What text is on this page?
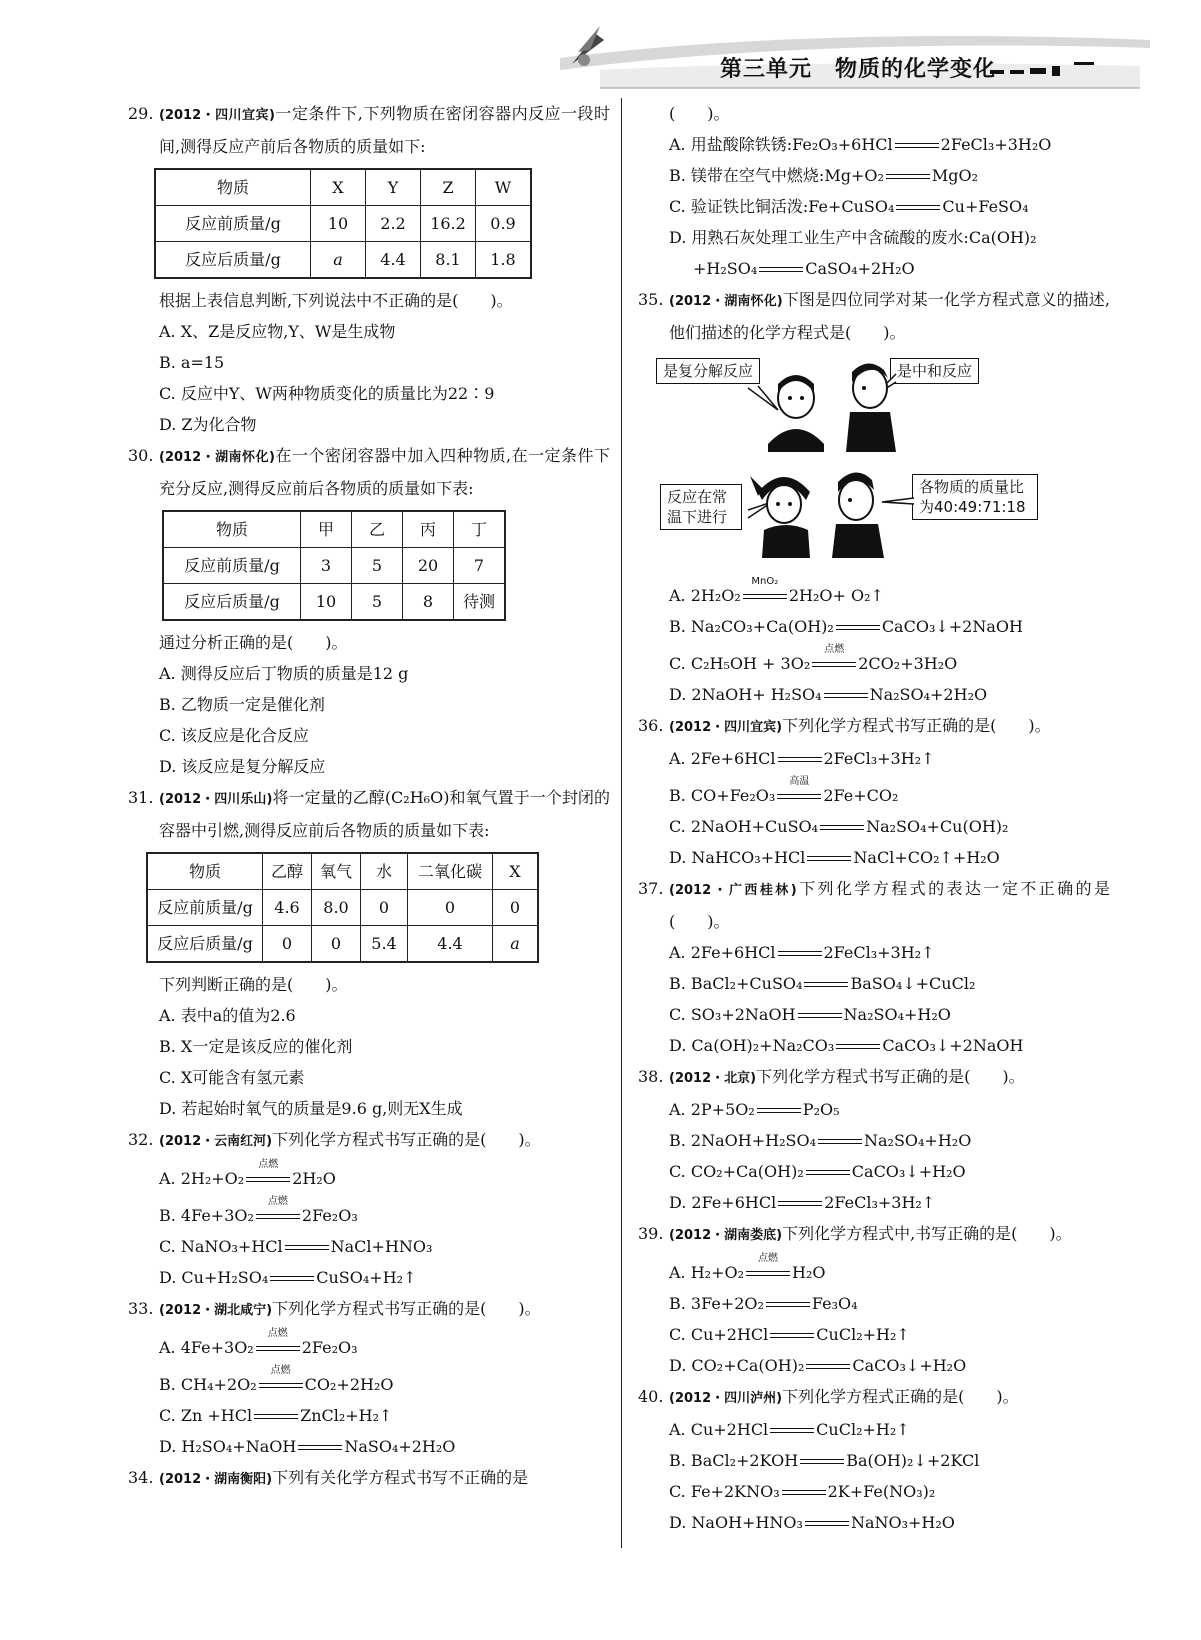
第三单元　物质的化学变化
29. (2012・四川宜宾)一定条件下,下列物质在密闭容器内反应一段时间,测得反应产前后各物质的质量如下:
物质	X	Y	Z	W
反应前质量/g	10	2.2	16.2	0.9
反应后质量/g	a	4.4	8.1	1.8
根据上表信息判断,下列说法中不正确的是(　　)。
A. X、Z是反应物,Y、W是生成物
B. a=15
C. 反应中Y、W两种物质变化的质量比为22∶9
D. Z为化合物
30. (2012・湖南怀化)在一个密闭容器中加入四种物质,在一定条件下充分反应,测得反应前后各物质的质量如下表:
物质	甲	乙	丙	丁
反应前质量/g	3	5	20	7
反应后质量/g	10	5	8	待测
通过分析正确的是(　　)。
A. 测得反应后丁物质的质量是12 g
B. 乙物质一定是催化剂
C. 该反应是化合反应
D. 该反应是复分解反应
31. (2012・四川乐山)将一定量的乙醇(C₂H₆O)和氧气置于一个封闭的容器中引燃,测得反应前后各物质的质量如下表:
物质	乙醇	氧气	水	二氧化碳	X
反应前质量/g	4.6	8.0	0	0	0
反应后质量/g	0	0	5.4	4.4	a
下列判断正确的是(　　)。
A. 表中a的值为2.6
B. X一定是该反应的催化剂
C. X可能含有氢元素
D. 若起始时氧气的质量是9.6 g,则无X生成
32. (2012・云南红河)下列化学方程式书写正确的是(　　)。
A. 2H₂+O₂
点燃
2H₂O
B. 4Fe+3O₂
点燃
2Fe₂O₃
C. NaNO₃+HCl	NaCl+HNO₃
D. Cu+H₂SO₄	CuSO₄+H₂↑
33. (2012・湖北咸宁)下列化学方程式书写正确的是(　　)。
A. 4Fe+3O₂
点燃
2Fe₂O₃
B. CH₄+2O₂
点燃
CO₂+2H₂O
C. Zn +HCl	ZnCl₂+H₂↑
D. H₂SO₄+NaOH	NaSO₄+2H₂O
34. (2012・湖南衡阳)下列有关化学方程式书写不正确的是
(　　)。
A. 用盐酸除铁锈:Fe₂O₃+6HCl	2FeCl₃+3H₂O
B. 镁带在空气中燃烧:Mg+O₂	MgO₂
C. 验证铁比铜活泼:Fe+CuSO₄	Cu+FeSO₄
D. 用熟石灰处理工业生产中含硫酸的废水:Ca(OH)₂
+H₂SO₄	CaSO₄+2H₂O
35. (2012・湖南怀化)下图是四位同学对某一化学方程式意义的描述,他们描述的化学方程式是(　　)。
是复分解反应	是中和反应
反应在常温下进行
各物质的质量比为40:49:71:18
A. 2H₂O₂
MnO₂
2H₂O+ O₂↑
B. Na₂CO₃+Ca(OH)₂	CaCO₃↓+2NaOH
C. C₂H₅OH + 3O₂
点燃
2CO₂+3H₂O
D. 2NaOH+ H₂SO₄	Na₂SO₄+2H₂O
36. (2012・四川宜宾)下列化学方程式书写正确的是(　　)。
A. 2Fe+6HCl	2FeCl₃+3H₂↑
B. CO+Fe₂O₃
高温
2Fe+CO₂
C. 2NaOH+CuSO₄	Na₂SO₄+Cu(OH)₂
D. NaHCO₃+HCl	NaCl+CO₂↑+H₂O
37. (2012・广西桂林)下列化学方程式的表达一定不正确的是(　　)。
A. 2Fe+6HCl	2FeCl₃+3H₂↑
B. BaCl₂+CuSO₄	BaSO₄↓+CuCl₂
C. SO₃+2NaOH	Na₂SO₄+H₂O
D. Ca(OH)₂+Na₂CO₃	CaCO₃↓+2NaOH
38. (2012・北京)下列化学方程式书写正确的是(　　)。
A. 2P+5O₂	P₂O₅
B. 2NaOH+H₂SO₄	Na₂SO₄+H₂O
C. CO₂+Ca(OH)₂	CaCO₃↓+H₂O
D. 2Fe+6HCl	2FeCl₃+3H₂↑
39. (2012・湖南娄底)下列化学方程式中,书写正确的是(　　)。
A. H₂+O₂
点燃
H₂O
B. 3Fe+2O₂	Fe₃O₄
C. Cu+2HCl	CuCl₂+H₂↑
D. CO₂+Ca(OH)₂	CaCO₃↓+H₂O
40. (2012・四川泸州)下列化学方程式正确的是(　　)。
A. Cu+2HCl	CuCl₂+H₂↑
B. BaCl₂+2KOH	Ba(OH)₂↓+2KCl
C. Fe+2KNO₃	2K+Fe(NO₃)₂
D. NaOH+HNO₃	NaNO₃+H₂O
